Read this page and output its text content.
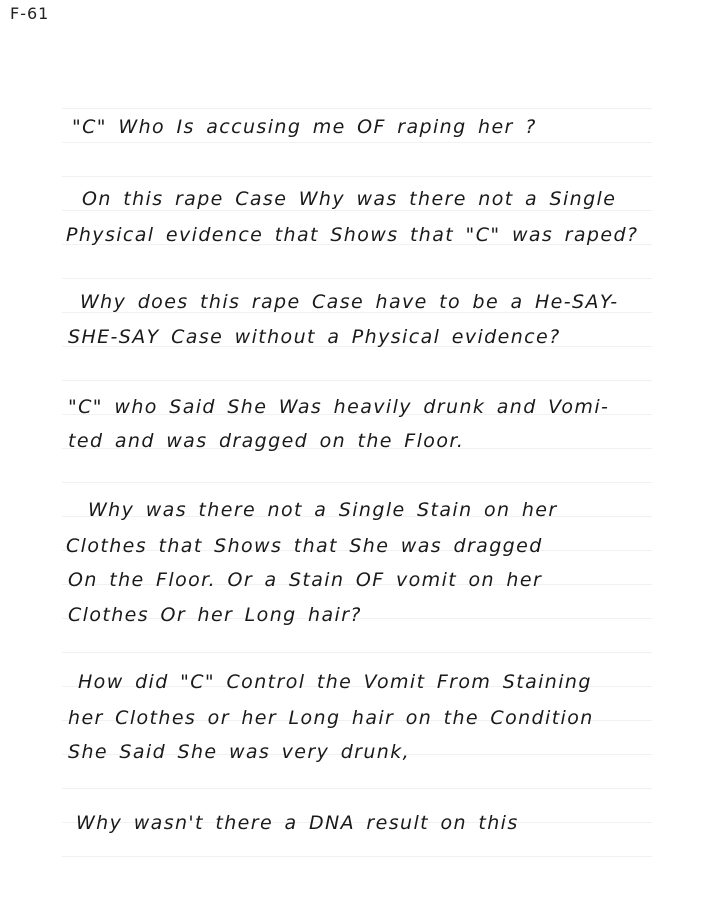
F-61
"C" Who Is accusing me OF raping her ?
On this rape Case Why was there not a Single
Physical evidence that Shows that "C" was raped?
Why does this rape Case have to be a He-SAY-
SHE-SAY Case without a Physical evidence?
"C" who Said She Was heavily drunk and Vomi-
ted and was dragged on the Floor.
Why was there not a Single Stain on her
Clothes that Shows that She was dragged
On the Floor. Or a Stain OF vomit on her
Clothes Or her Long hair?
How did "C" Control the Vomit From Staining
her Clothes or her Long hair on the Condition
She Said She was very drunk,
Why wasn't there a DNA result on this
